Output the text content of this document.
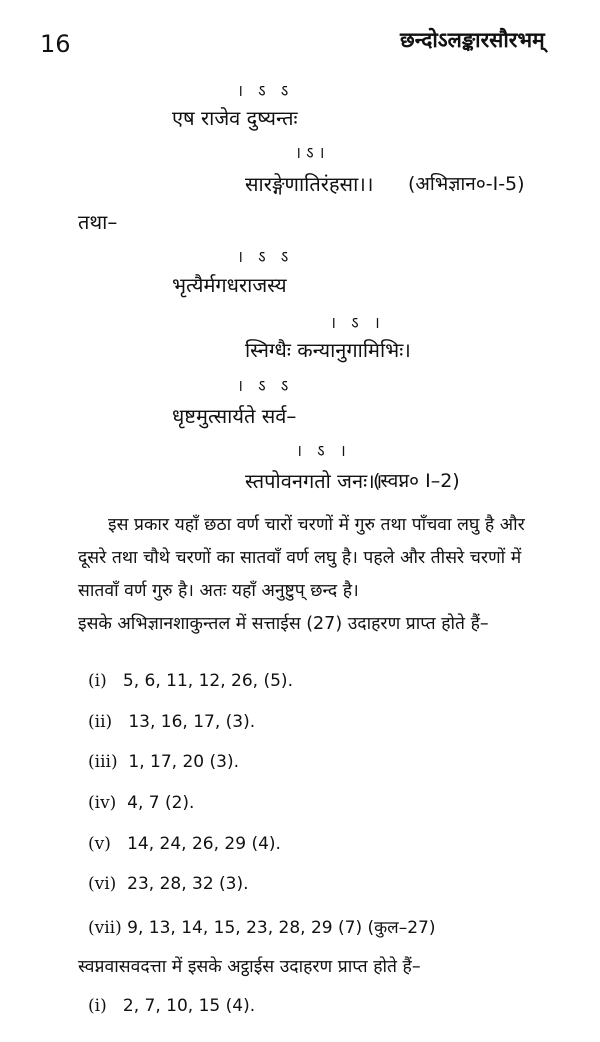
16	छन्दोऽलङ्कारसौरभम्
। ऽ ऽ
एष राजेव दुष्यन्तः
।ऽ।
सारङ्गेणातिरंहसा।। (अभिज्ञान०-I-5)
तथा–
। ऽ ऽ
भृत्यैर्मगधराजस्य
। ऽ ।
स्निग्धैः कन्यानुगामिभिः।
। ऽ ऽ
धृष्टमुत्सार्यते सर्व–
। ऽ ।
स्तपोवनगतो जनः।।
(स्वप्न० I–2)
इस प्रकार यहाँ छठा वर्ण चारों चरणों में गुरु तथा पाँचवा लघु है और
दूसरे तथा चौथे चरणों का सातवाँ वर्ण लघु है। पहले और तीसरे चरणों में
सातवाँ वर्ण गुरु है। अतः यहाँ अनुष्टुप् छन्द है।
इसके अभिज्ञानशाकुन्तल में सत्ताईस (27) उदाहरण प्राप्त होते हैं–
(i) 5, 6, 11, 12, 26, (5).
(ii) 13, 16, 17, (3).
(iii) 1, 17, 20 (3).
(iv) 4, 7 (2).
(v) 14, 24, 26, 29 (4).
(vi) 23, 28, 32 (3).
(vii) 9, 13, 14, 15, 23, 28, 29 (7) (कुल–27)
स्वप्नवासवदत्ता में इसके अट्ठाईस उदाहरण प्राप्त होते हैं–
(i) 2, 7, 10, 15 (4).
